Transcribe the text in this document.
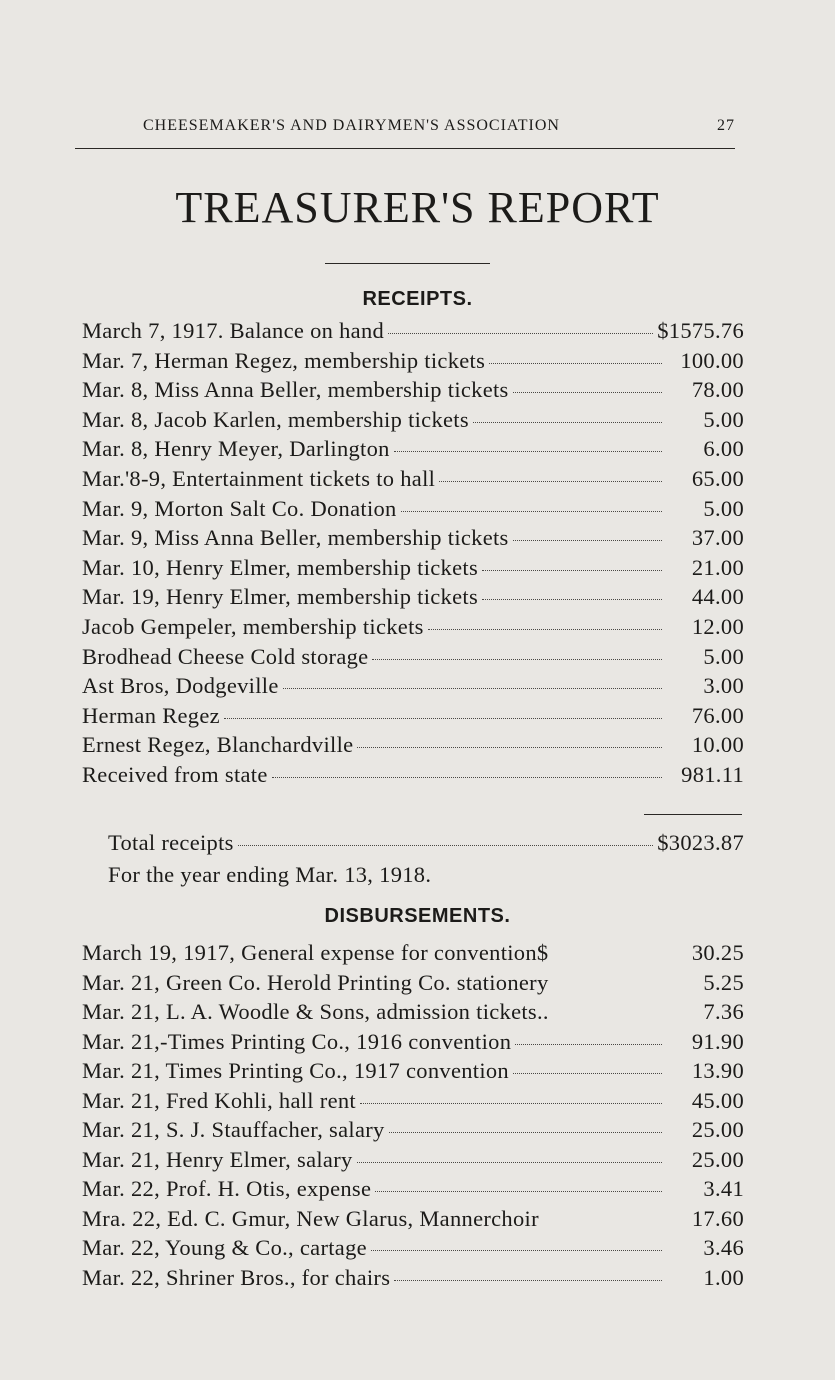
CHEESEMAKER'S AND DAIRYMEN'S ASSOCIATION	27
TREASURER'S REPORT
RECEIPTS.
March 7, 1917. Balance on hand	$1575.76
Mar. 7, Herman Regez, membership tickets	100.00
Mar. 8, Miss Anna Beller, membership tickets	78.00
Mar. 8, Jacob Karlen, membership tickets	5.00
Mar. 8, Henry Meyer, Darlington	6.00
Mar.'8-9, Entertainment tickets to hall	65.00
Mar. 9, Morton Salt Co. Donation	5.00
Mar. 9, Miss Anna Beller, membership tickets	37.00
Mar. 10, Henry Elmer, membership tickets	21.00
Mar. 19, Henry Elmer, membership tickets	44.00
Jacob Gempeler, membership tickets	12.00
Brodhead Cheese Cold storage	5.00
Ast Bros, Dodgeville	3.00
Herman Regez	76.00
Ernest Regez, Blanchardville	10.00
Received from state	981.11
Total receipts	$3023.87
For the year ending Mar. 13, 1918.
DISBURSEMENTS.
March 19, 1917, General expense for convention$	30.25
Mar. 21, Green Co. Herold Printing Co. stationery	5.25
Mar. 21, L. A. Woodle & Sons, admission tickets..	7.36
Mar. 21,-Times Printing Co., 1916 convention	91.90
Mar. 21, Times Printing Co., 1917 convention	13.90
Mar. 21, Fred Kohli, hall rent	45.00
Mar. 21, S. J. Stauffacher, salary	25.00
Mar. 21, Henry Elmer, salary	25.00
Mar. 22, Prof. H. Otis, expense	3.41
Mra. 22, Ed. C. Gmur, New Glarus, Mannerchoir	17.60
Mar. 22, Young & Co., cartage	3.46
Mar. 22, Shriner Bros., for chairs	1.00
